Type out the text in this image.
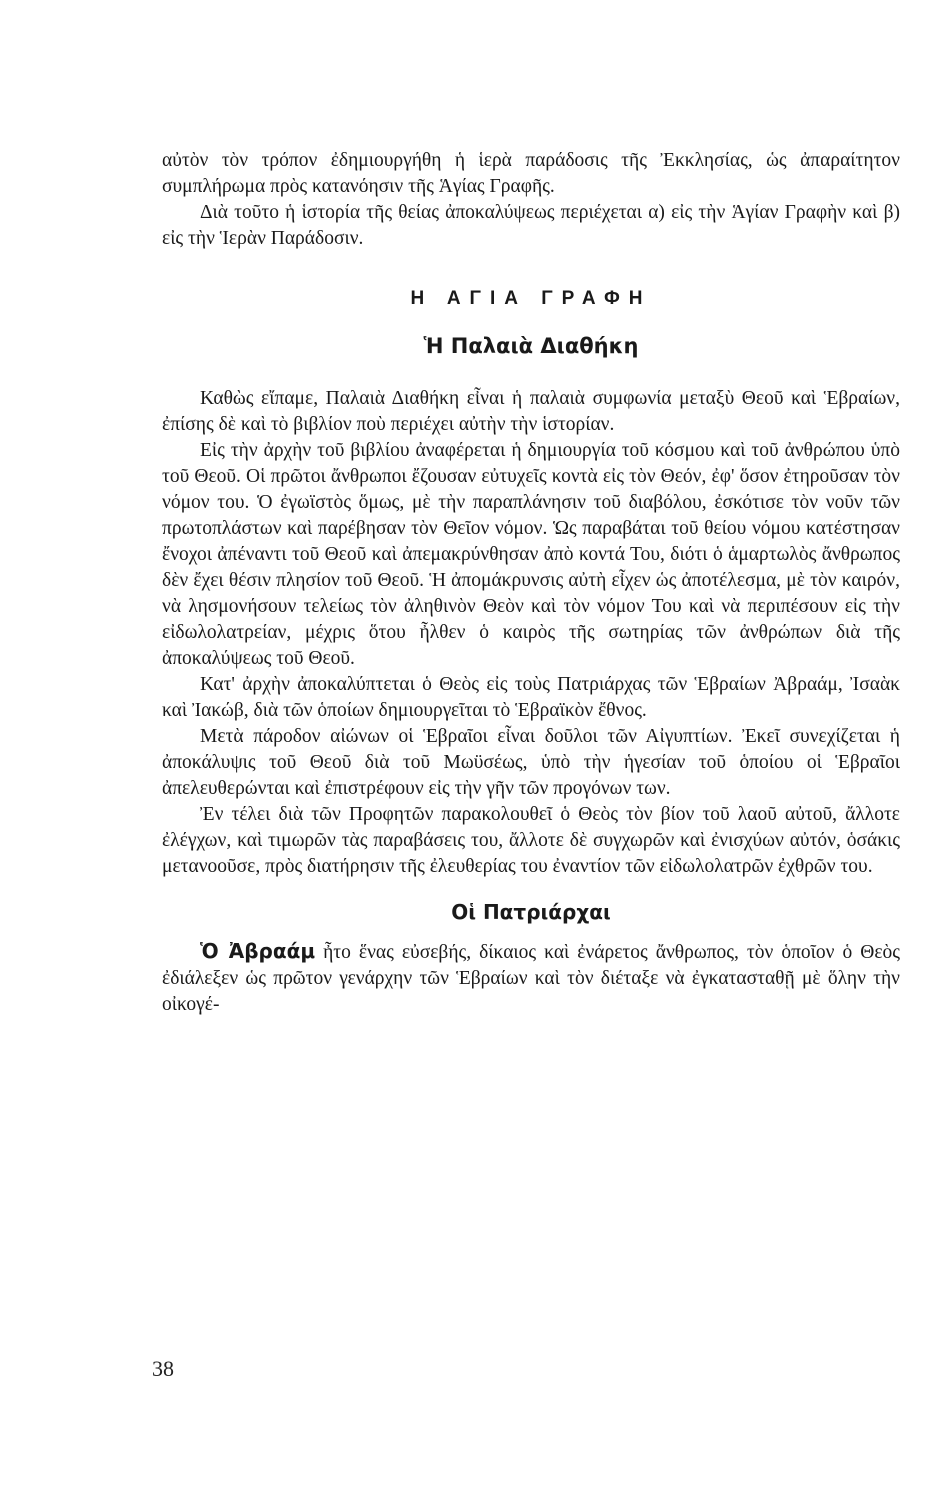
αὐτὸν τὸν τρόπον ἐδημιουργήθη ἡ ἱερὰ παράδοσις τῆς Ἐκκλησίας, ὡς ἀπαραίτητον συμπλήρωμα πρὸς κατανόησιν τῆς Ἁγίας Γραφῆς.

Διὰ τοῦτο ἡ ἱστορία τῆς θείας ἀποκαλύψεως περιέχεται α) εἰς τὴν Ἁγίαν Γραφὴν καὶ β) εἰς τὴν Ἱερὰν Παράδοσιν.

Η ΑΓΙΑ ΓΡΑΦΗ
Ἡ Παλαιὰ Διαθήκη

Καθὼς εἴπαμε, Παλαιὰ Διαθήκη εἶναι ἡ παλαιὰ συμφωνία μεταξὺ Θεοῦ καὶ Ἑβραίων, ἐπίσης δὲ καὶ τὸ βιβλίον ποὺ περιέχει αὐτὴν τὴν ἱστορίαν.

Εἰς τὴν ἀρχὴν τοῦ βιβλίου ἀναφέρεται ἡ δημιουργία τοῦ κόσμου καὶ τοῦ ἀνθρώπου ὑπὸ τοῦ Θεοῦ. Οἱ πρῶτοι ἄνθρωποι ἔζουσαν εὐτυχεῖς κοντὰ εἰς τὸν Θεόν, ἐφ' ὅσον ἐτηροῦσαν τὸν νόμον του. Ὁ ἐγωϊστὸς ὅμως, μὲ τὴν παραπλάνησιν τοῦ διαβόλου, ἐσκότισε τὸν νοῦν τῶν πρωτοπλάστων καὶ παρέβησαν τὸν Θεῖον νόμον. Ὡς παραβάται τοῦ θείου νόμου κατέστησαν ἔνοχοι ἀπέναντι τοῦ Θεοῦ καὶ ἀπεμακρύνθησαν ἀπὸ κοντά Του, διότι ὁ ἁμαρτωλὸς ἄνθρωπος δὲν ἔχει θέσιν πλησίον τοῦ Θεοῦ. Ἡ ἀπομάκρυνσις αὐτὴ εἶχεν ὡς ἀποτέλεσμα, μὲ τὸν καιρόν, νὰ λησμονήσουν τελείως τὸν ἀληθινὸν Θεὸν καὶ τὸν νόμον Του καὶ νὰ περιπέσουν εἰς τὴν εἰδωλολατρείαν, μέχρις ὅτου ἦλθεν ὁ καιρὸς τῆς σωτηρίας τῶν ἀνθρώπων διὰ τῆς ἀποκαλύψεως τοῦ Θεοῦ.

Κατ' ἀρχὴν ἀποκαλύπτεται ὁ Θεὸς εἰς τοὺς Πατριάρχας τῶν Ἑβραίων Ἀβραάμ, Ἰσαὰκ καὶ Ἰακώβ, διὰ τῶν ὁποίων δημιουργεῖται τὸ Ἑβραϊκὸν ἔθνος.

Μετὰ πάροδον αἰώνων οἱ Ἑβραῖοι εἶναι δοῦλοι τῶν Αἰγυπτίων. Ἐκεῖ συνεχίζεται ἡ ἀποκάλυψις τοῦ Θεοῦ διὰ τοῦ Μωϋσέως, ὑπὸ τὴν ἡγεσίαν τοῦ ὁποίου οἱ Ἑβραῖοι ἀπελευθερώνται καὶ ἐπιστρέφουν εἰς τὴν γῆν τῶν προγόνων των.

Ἐν τέλει διὰ τῶν Προφητῶν παρακολουθεῖ ὁ Θεὸς τὸν βίον τοῦ λαοῦ αὐτοῦ, ἄλλοτε ἐλέγχων, καὶ τιμωρῶν τὰς παραβάσεις του, ἄλλοτε δὲ συγχωρῶν καὶ ἐνισχύων αὐτόν, ὁσάκις μετανοοῦσε, πρὸς διατήρησιν τῆς ἐλευθερίας του ἐναντίον τῶν εἰδωλολατρῶν ἐχθρῶν του.

Οἱ Πατριάρχαι

Ὁ Ἀβραάμ ἦτο ἕνας εὐσεβής, δίκαιος καὶ ἐνάρετος ἄνθρωπος, τὸν ὁποῖον ὁ Θεὸς ἐδιάλεξεν ὡς πρῶτον γενάρχην τῶν Ἑβραίων καὶ τὸν διέταξε νὰ ἐγκατασταθῇ μὲ ὅλην τὴν οἰκογέ-

38
